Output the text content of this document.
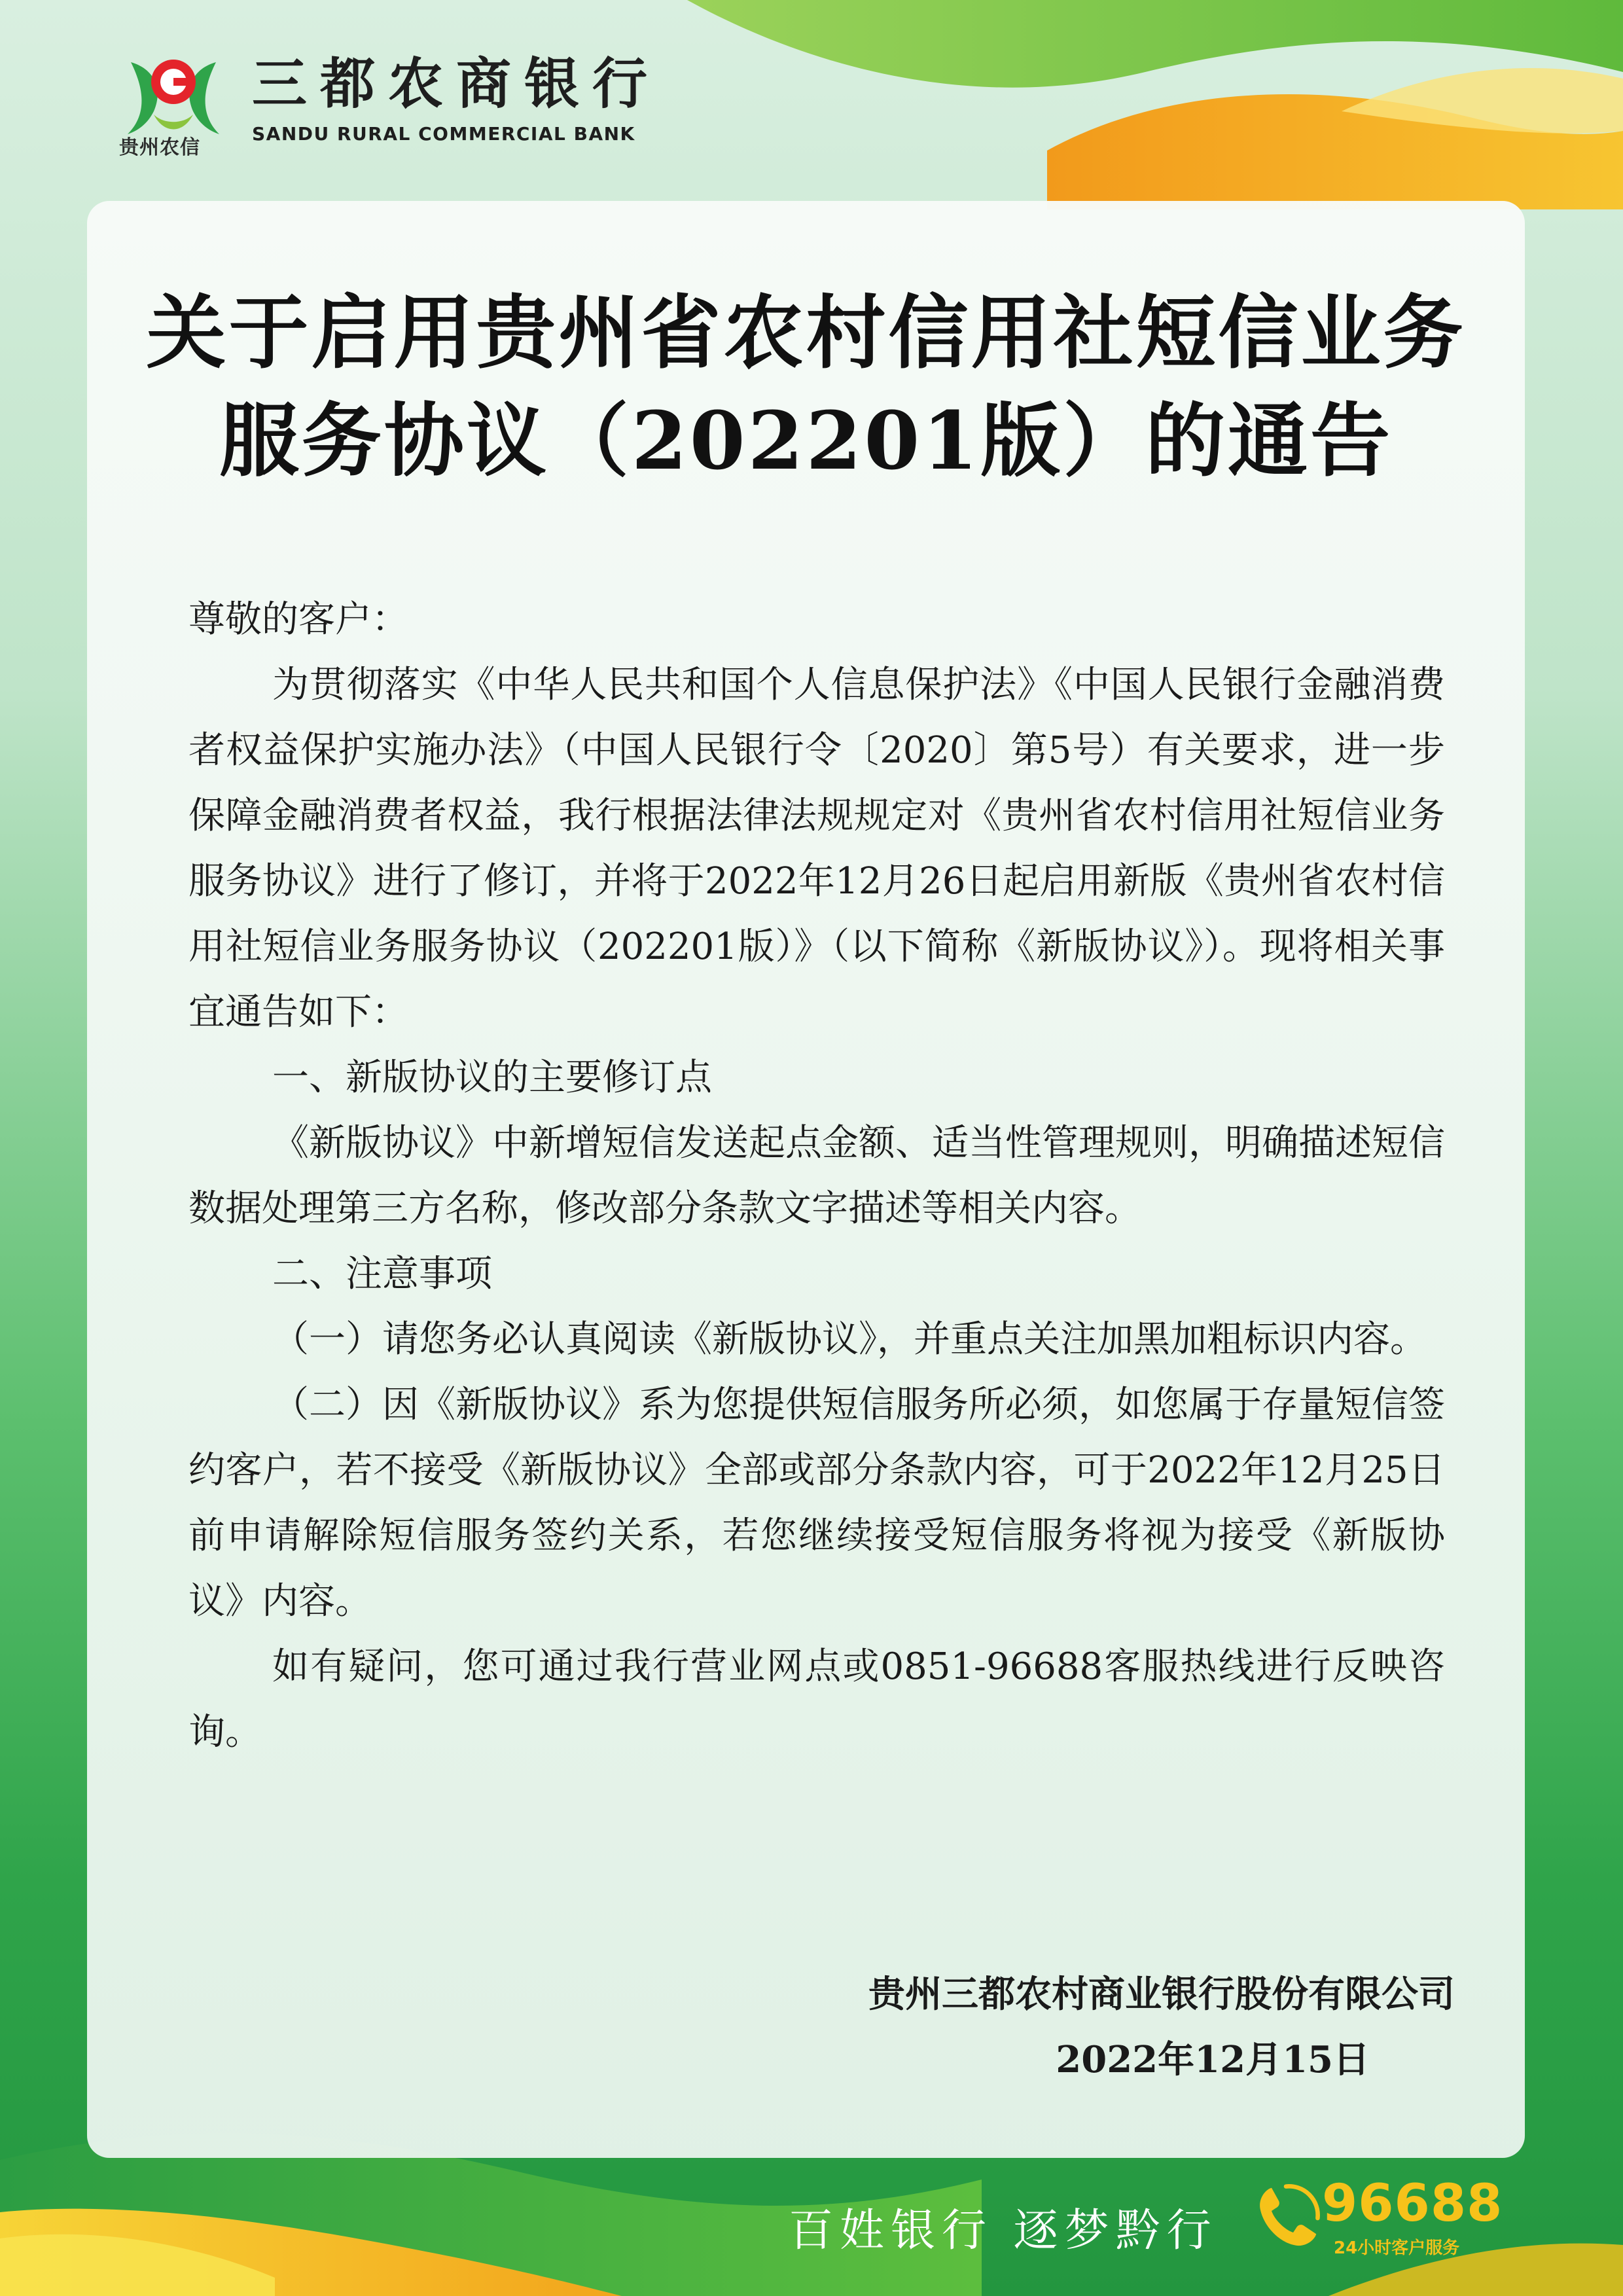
贵州农信
三都农商银行
SANDU RURAL COMMERCIAL BANK
关于启用贵州省农村信用社短信业务
服务协议（202201版）的通告

尊敬的客户：

为贯彻落实《中华人民共和国个人信息保护法》《中国人民银行金融消费者权益保护实施办法》（中国人民银行令〔2020〕第5号）有关要求，进一步保障金融消费者权益，我行根据法律法规规定对《贵州省农村信用社短信业务服务协议》进行了修订，并将于2022年12月26日起启用新版《贵州省农村信用社短信业务服务协议（202201版）》（以下简称《新版协议》）。现将相关事宜通告如下：

一、新版协议的主要修订点

《新版协议》中新增短信发送起点金额、适当性管理规则，明确描述短信数据处理第三方名称，修改部分条款文字描述等相关内容。

二、注意事项

（一）请您务必认真阅读《新版协议》，并重点关注加黑加粗标识内容。

（二）因《新版协议》系为您提供短信服务所必须，如您属于存量短信签约客户，若不接受《新版协议》全部或部分条款内容，可于2022年12月25日前申请解除短信服务签约关系，若您继续接受短信服务将视为接受《新版协议》内容。

如有疑问，您可通过我行营业网点或0851-96688客服热线进行反映咨询。

贵州三都农村商业银行股份有限公司
2022年12月15日
百姓银行 逐梦黔行 96688
24小时客户服务
